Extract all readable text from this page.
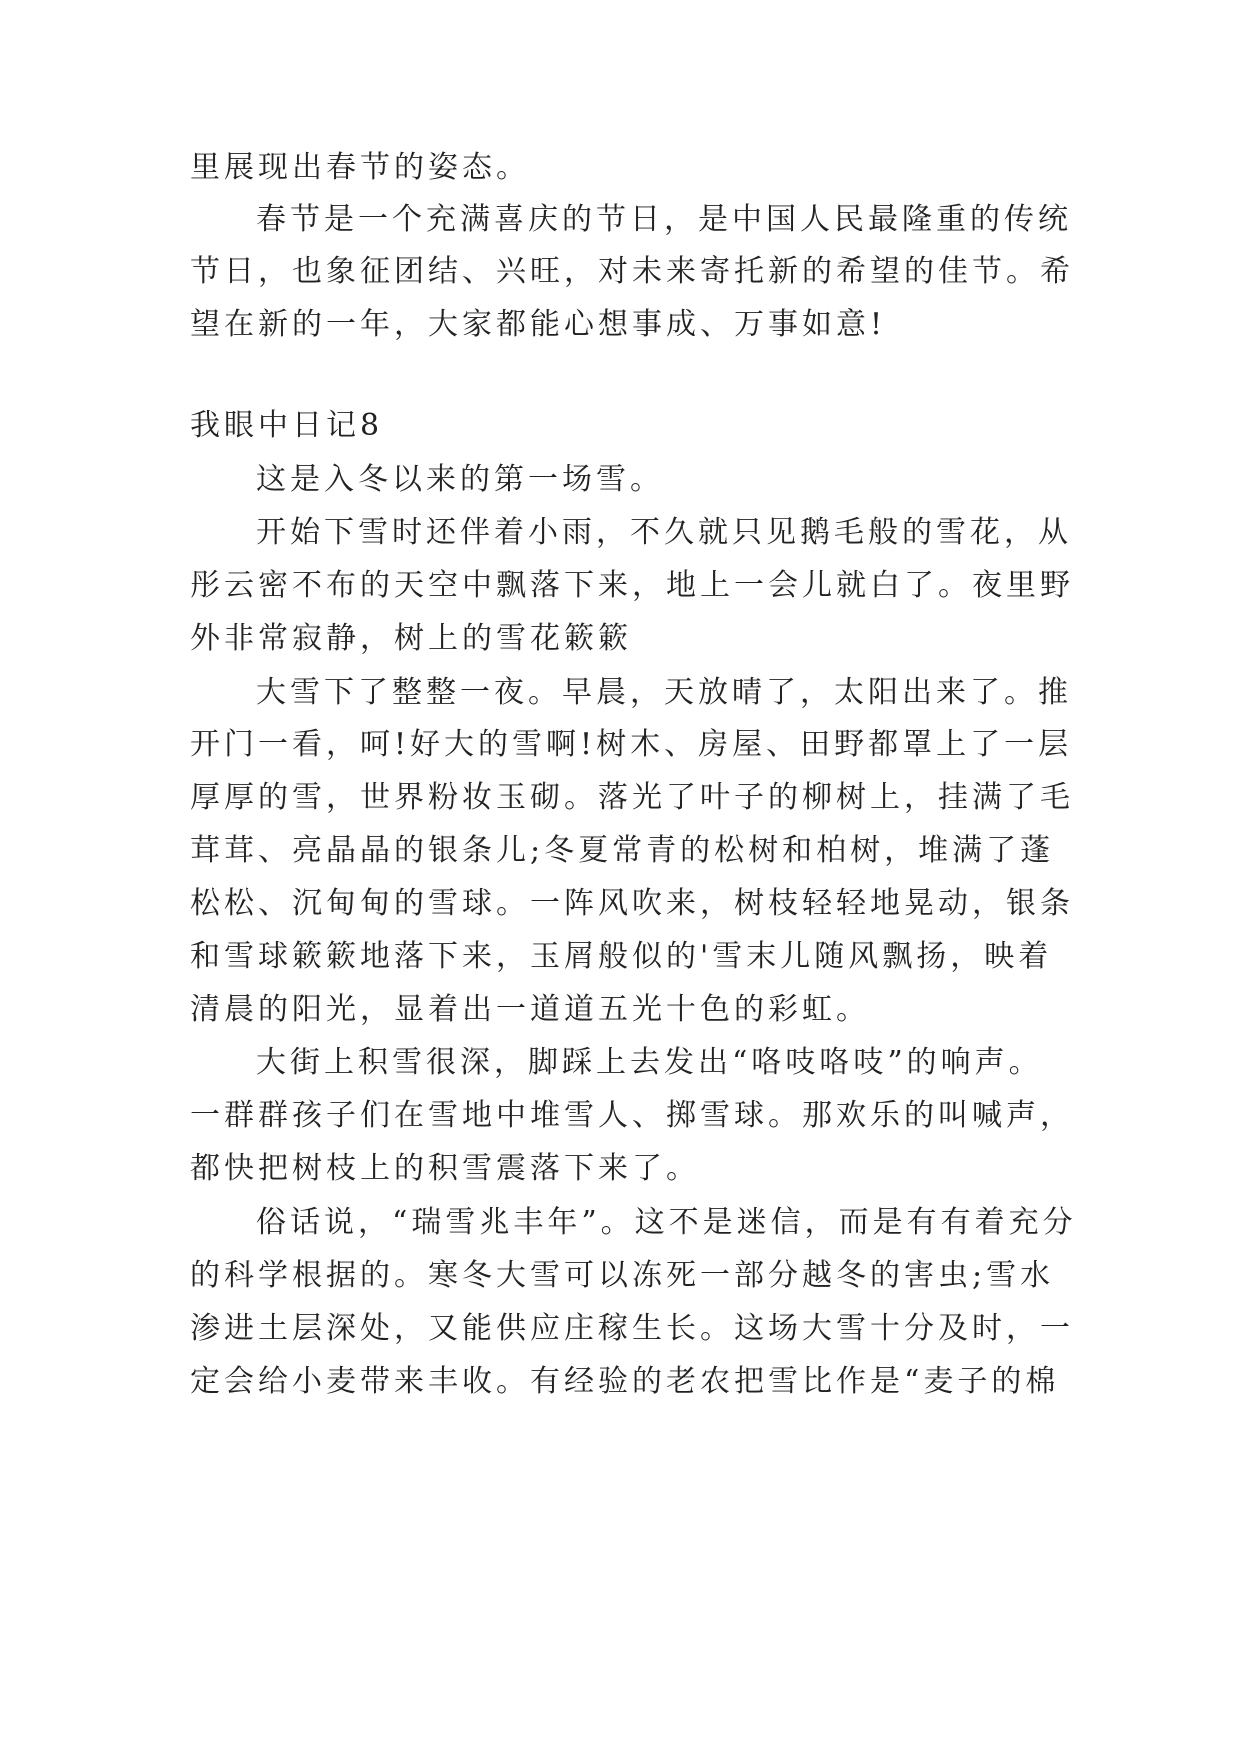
里展现出春节的姿态。
春节是一个充满喜庆的节日，是中国人民最隆重的传统
节日，也象征团结、兴旺，对未来寄托新的希望的佳节。希
望在新的一年，大家都能心想事成、万事如意!
我眼中日记8
这是入冬以来的第一场雪。
开始下雪时还伴着小雨，不久就只见鹅毛般的雪花，从
彤云密不布的天空中飘落下来，地上一会儿就白了。夜里野
外非常寂静，树上的雪花簌簌
大雪下了整整一夜。早晨，天放晴了，太阳出来了。推
开门一看，呵!好大的雪啊!树木、房屋、田野都罩上了一层
厚厚的雪，世界粉妆玉砌。落光了叶子的柳树上，挂满了毛
茸茸、亮晶晶的银条儿;冬夏常青的松树和柏树，堆满了蓬
松松、沉甸甸的雪球。一阵风吹来，树枝轻轻地晃动，银条
和雪球簌簌地落下来，玉屑般似的'雪末儿随风飘扬，映着
清晨的阳光，显着出一道道五光十色的彩虹。
大街上积雪很深，脚踩上去发出“咯吱咯吱”的响声。
一群群孩子们在雪地中堆雪人、掷雪球。那欢乐的叫喊声，
都快把树枝上的积雪震落下来了。
俗话说，“瑞雪兆丰年”。这不是迷信，而是有有着充分
的科学根据的。寒冬大雪可以冻死一部分越冬的害虫;雪水
渗进土层深处，又能供应庄稼生长。这场大雪十分及时，一
定会给小麦带来丰收。有经验的老农把雪比作是“麦子的棉
